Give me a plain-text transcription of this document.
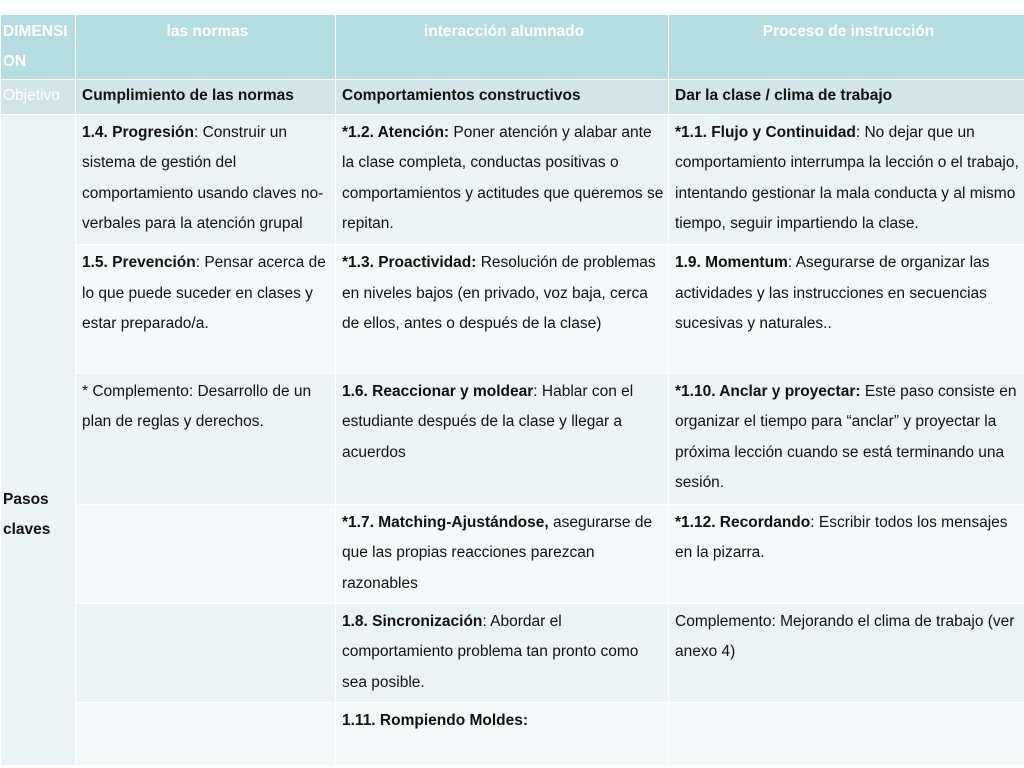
DIMENSI ON	las normas	interacción alumnado	Proceso de instrucción
Objetivo	Cumplimiento de las normas	Comportamientos constructivos	Dar la clase / clima de trabajo

Pasos claves	1.4. Progresión: Construir un sistema de gestión del comportamiento usando claves no-verbales para la atención grupal	*1.2. Atención: Poner atención y alabar ante la clase completa, conductas positivas o comportamientos y actitudes que queremos se repitan.	*1.1. Flujo y Continuidad: No dejar que un comportamiento interrumpa la lección o el trabajo, intentando gestionar la mala conducta y al mismo tiempo, seguir impartiendo la clase.
	1.5. Prevención: Pensar acerca de lo que puede suceder en clases y estar preparado/a.	*1.3. Proactividad: Resolución de problemas en niveles bajos (en privado, voz baja, cerca de ellos, antes o después de la clase)	1.9. Momentum: Asegurarse de organizar las actividades y las instrucciones en secuencias sucesivas y naturales..
	* Complemento: Desarrollo de un plan de reglas y derechos.	1.6. Reaccionar y moldear: Hablar con el estudiante después de la clase y llegar a acuerdos	*1.10. Anclar y proyectar: Este paso consiste en organizar el tiempo para “anclar” y proyectar la próxima lección cuando se está terminando una sesión.
		*1.7. Matching-Ajustándose, asegurarse de que las propias reacciones parezcan razonables	*1.12. Recordando: Escribir todos los mensajes en la pizarra.
		1.8. Sincronización: Abordar el comportamiento problema tan pronto como sea posible.	Complemento: Mejorando el clima de trabajo (ver anexo 4)
		1.11. Rompiendo Moldes:	
